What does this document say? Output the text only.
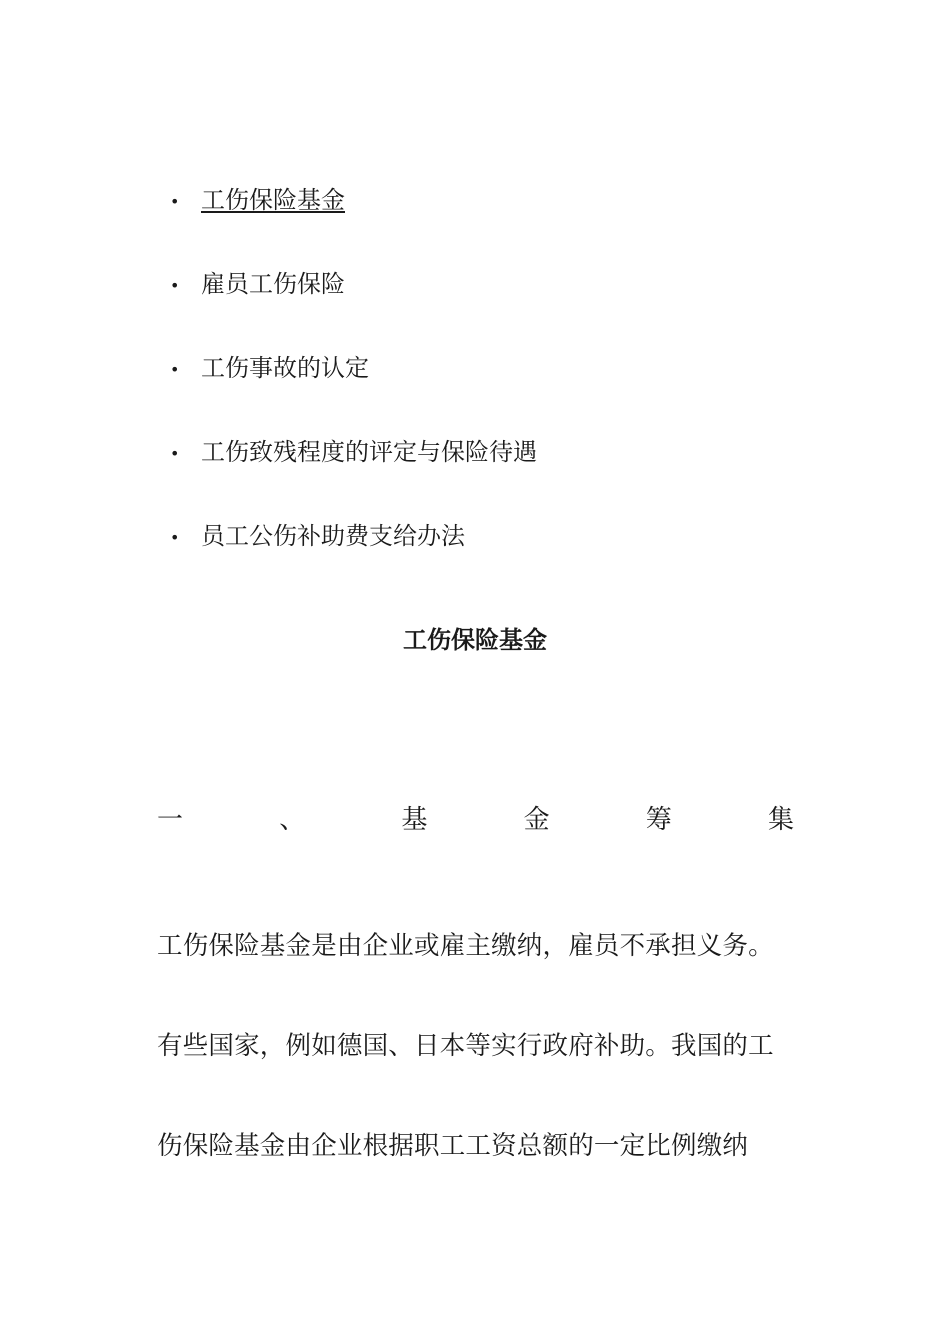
• 工伤保险基金
• 雇员工伤保险
• 工伤事故的认定
• 工伤致残程度的评定与保险待遇
• 员工公伤补助费支给办法
工伤保险基金
一	、	基	金	筹	集

工伤保险基金是由企业或雇主缴纳，雇员不承担义务。有些国家，例如德国、日本等实行政府补助。我国的工伤保险基金由企业根据职工工资总额的一定比例缴纳
